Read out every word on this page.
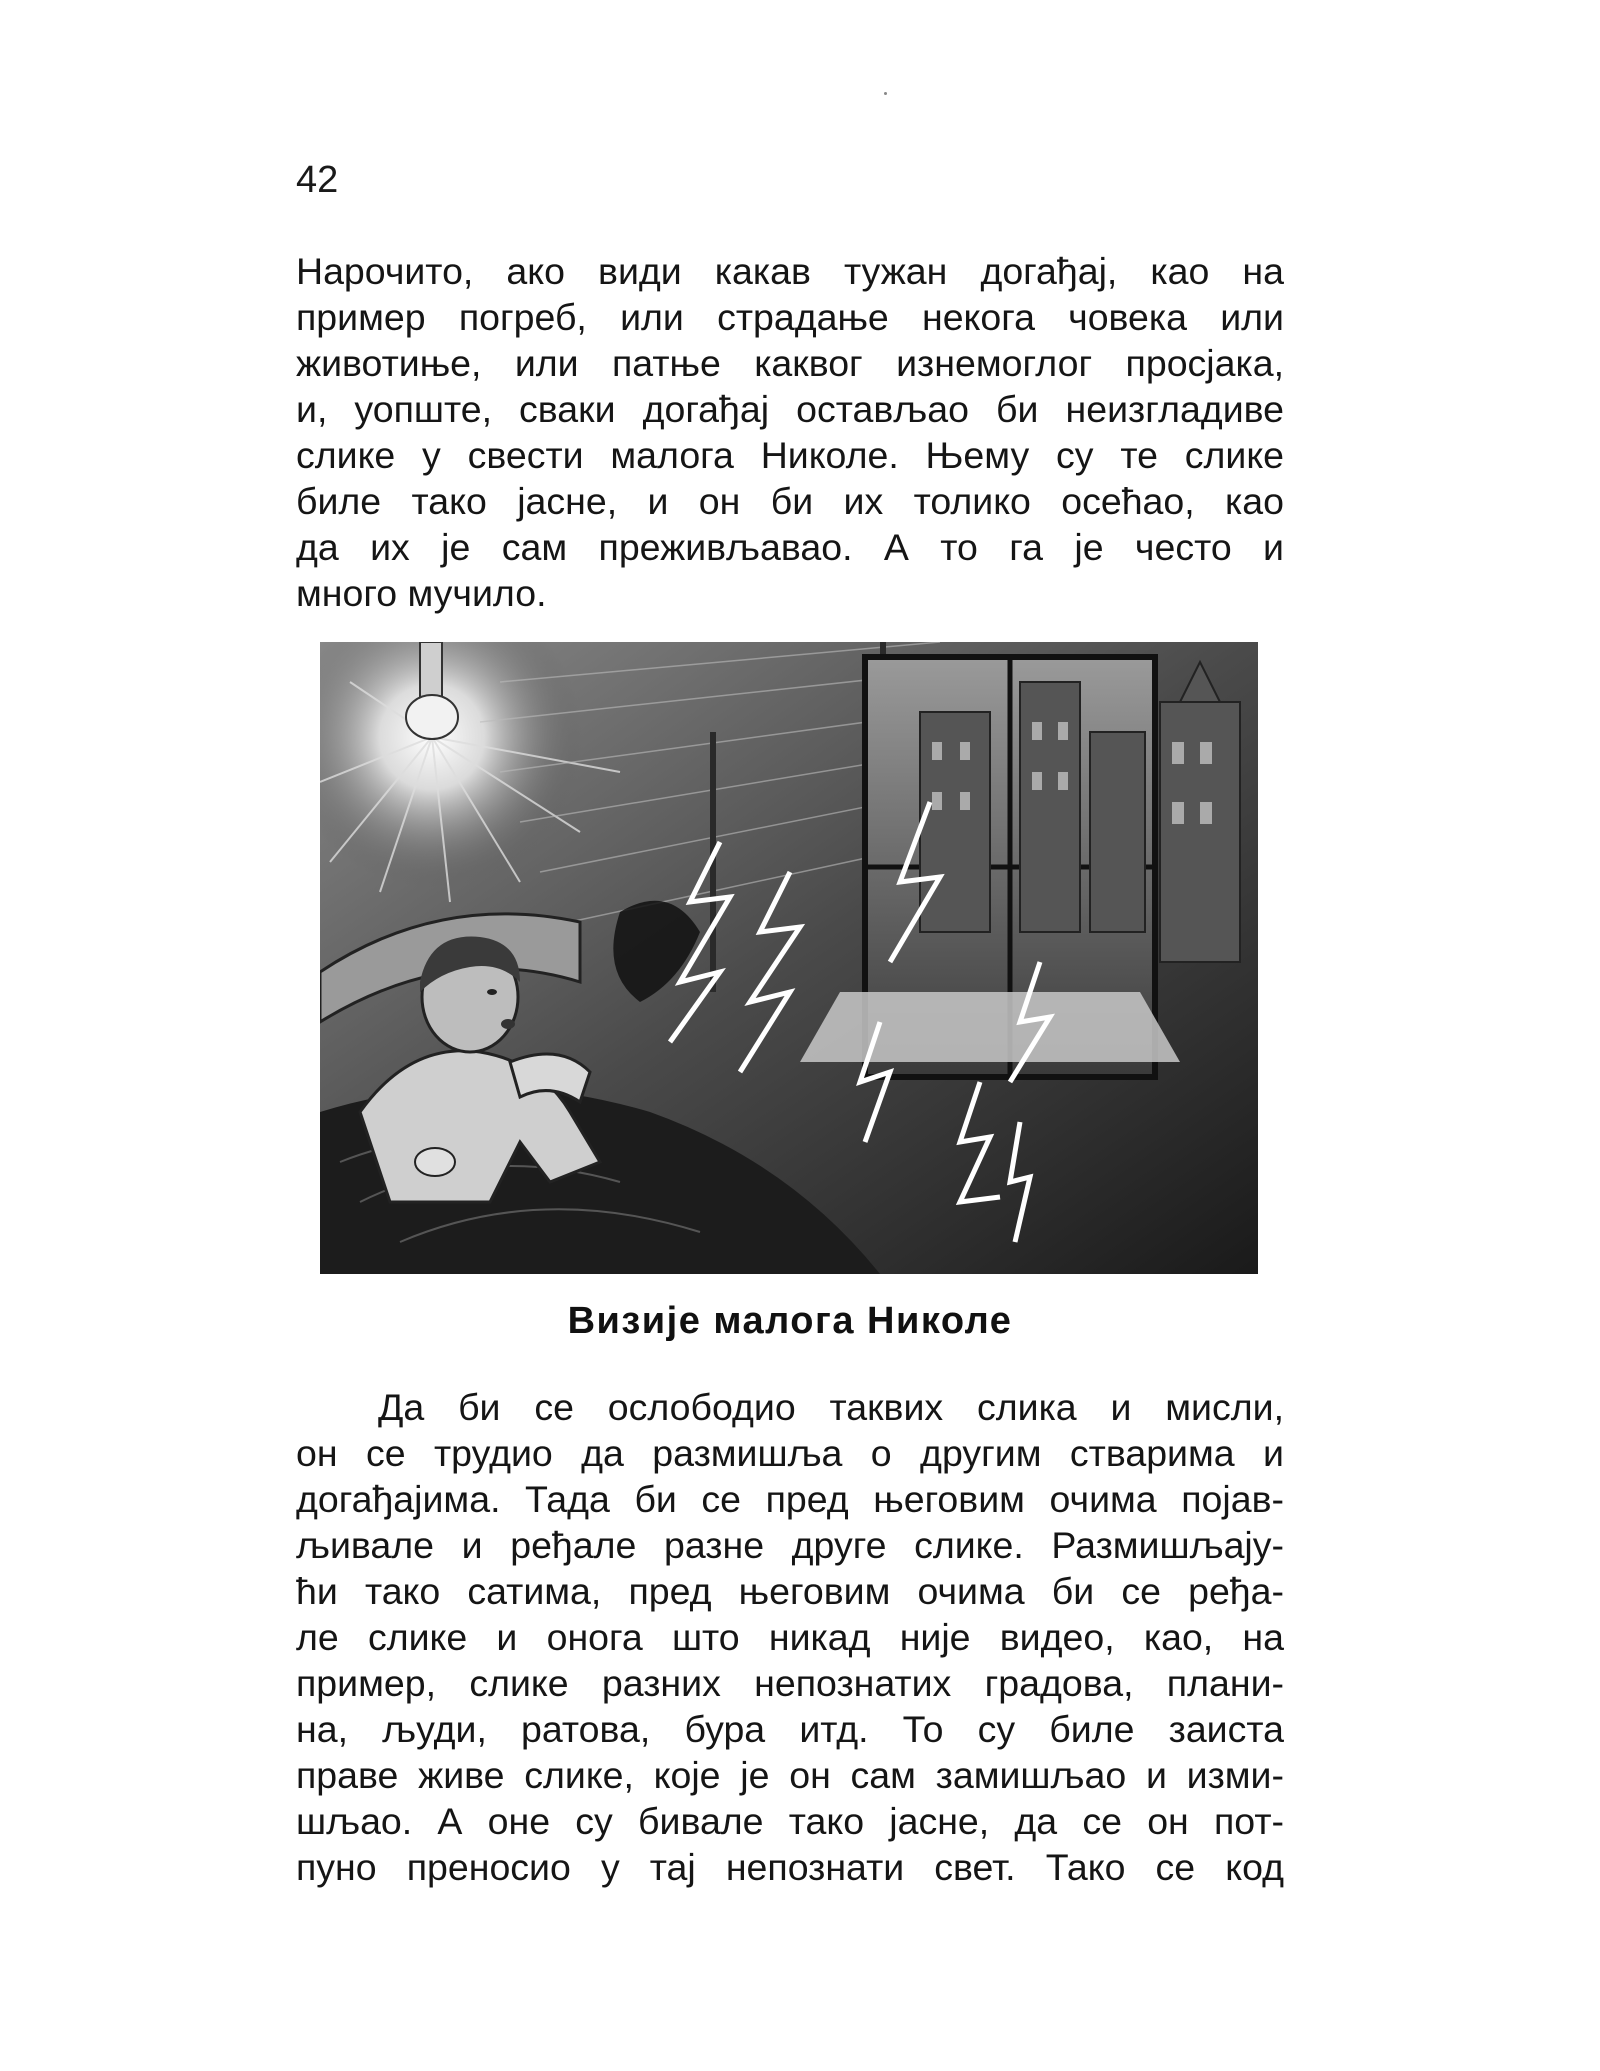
42
Нарочито, ако види какав тужан догађај, као на
пример погреб, или страдање некога човека или
животиње, или патње каквог изнемоглог просјака,
и, уопште, сваки догађај остављао би неизгладиве
слике у свести малога Николе. Њему су те слике
биле тако јасне, и он би их толико осећао, као
да их је сам преживљавао. А то га је често и
много мучило.
Визије малога Николе
Да би се ослободио таквих слика и мисли,
он се трудио да размишља о другим стварима и
догађајима. Тада би се пред његовим очима појав-
љивале и ређале разне друге слике. Размишљају-
ћи тако сатима, пред његовим очима би се ређа-
ле слике и онога што никад није видео, као, на
пример, слике разних непознатих градова, плани-
на, људи, ратова, бура итд. То су биле заиста
праве живе слике, које је он сам замишљао и изми-
шљао. А оне су бивале тако јасне, да се он пот-
пуно преносио у тај непознати свет. Тако се код
